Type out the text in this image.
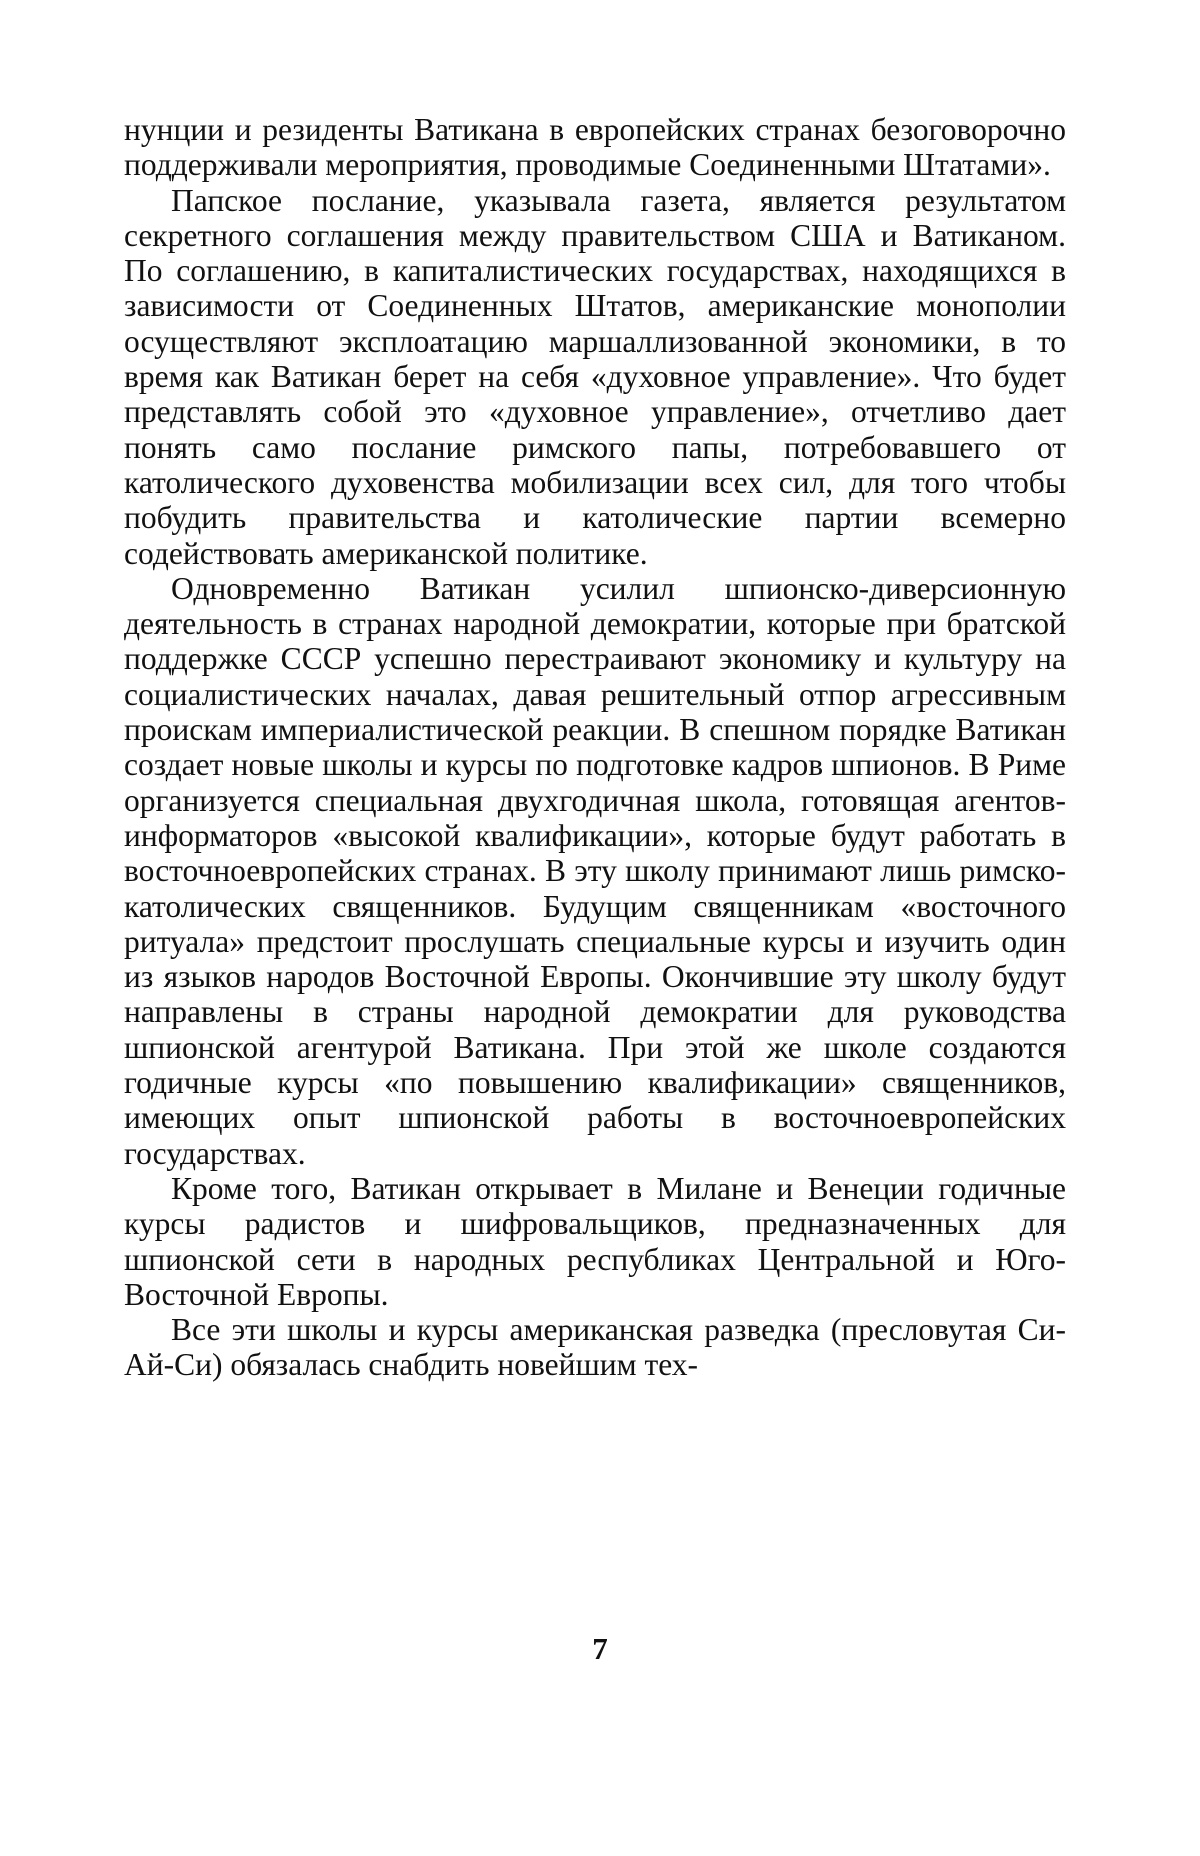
нунции и резиденты Ватикана в европейских странах безоговорочно поддерживали мероприятия, проводимые Соединенными Штатами».

Папское послание, указывала газета, является результатом секретного соглашения между правительством США и Ватиканом. По соглашению, в капиталистических государствах, находящихся в зависимости от Соединенных Штатов, американские монополии осуществляют эксплоатацию маршаллизованной экономики, в то время как Ватикан берет на себя «духовное управление». Что будет представлять собой это «духовное управление», отчетливо дает понять само послание римского папы, потребовавшего от католического духовенства мобилизации всех сил, для того чтобы побудить правительства и католические партии всемерно содействовать американской политике.

Одновременно Ватикан усилил шпионско-диверсионную деятельность в странах народной демократии, которые при братской поддержке СССР успешно перестраивают экономику и культуру на социалистических началах, давая решительный отпор агрессивным проискам империалистической реакции. В спешном порядке Ватикан создает новые школы и курсы по подготовке кадров шпионов. В Риме организуется специальная двухгодичная школа, готовящая агентов-информаторов «высокой квалификации», которые будут работать в восточноевропейских странах. В эту школу принимают лишь римско-католических священников. Будущим священникам «восточного ритуала» предстоит прослушать специальные курсы и изучить один из языков народов Восточной Европы. Окончившие эту школу будут направлены в страны народной демократии для руководства шпионской агентурой Ватикана. При этой же школе создаются годичные курсы «по повышению квалификации» священников, имеющих опыт шпионской работы в восточноевропейских государствах.

Кроме того, Ватикан открывает в Милане и Венеции годичные курсы радистов и шифровальщиков, предназначенных для шпионской сети в народных республиках Центральной и Юго-Восточной Европы.

Все эти школы и курсы американская разведка (пресловутая Си-Ай-Си) обязалась снабдить новейшим тех-

7
